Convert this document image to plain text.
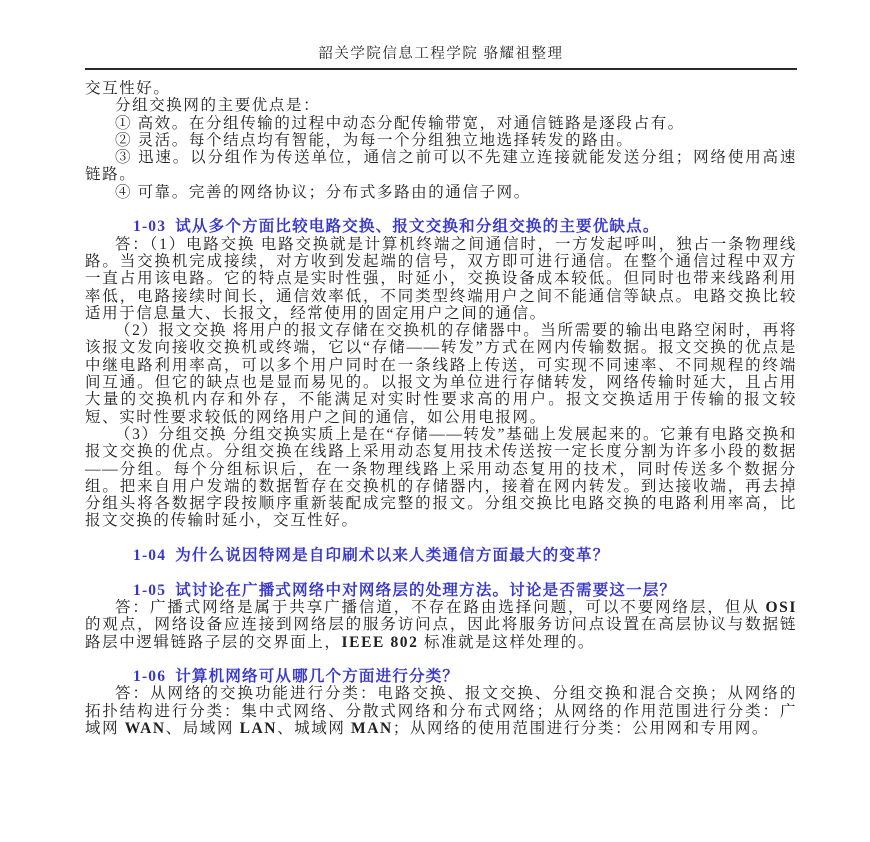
韶关学院信息工程学院 骆耀祖整理

交互性好。

分组交换网的主要优点是：

① 高效。在分组传输的过程中动态分配传输带宽，对通信链路是逐段占有。

② 灵活。每个结点均有智能，为每一个分组独立地选择转发的路由。

③ 迅速。以分组作为传送单位，通信之前可以不先建立连接就能发送分组；网络使用高速链路。

④ 可靠。完善的网络协议；分布式多路由的通信子网。

1-03 试从多个方面比较电路交换、报文交换和分组交换的主要优缺点。

答：（1）电路交换 电路交换就是计算机终端之间通信时，一方发起呼叫，独占一条物理线路。当交换机完成接续，对方收到发起端的信号，双方即可进行通信。在整个通信过程中双方一直占用该电路。它的特点是实时性强，时延小，交换设备成本较低。但同时也带来线路利用率低，电路接续时间长，通信效率低，不同类型终端用户之间不能通信等缺点。电路交换比较适用于信息量大、长报文，经常使用的固定用户之间的通信。

（2）报文交换 将用户的报文存储在交换机的存储器中。当所需要的输出电路空闲时，再将该报文发向接收交换机或终端，它以“存储——转发”方式在网内传输数据。报文交换的优点是中继电路利用率高，可以多个用户同时在一条线路上传送，可实现不同速率、不同规程的终端间互通。但它的缺点也是显而易见的。以报文为单位进行存储转发，网络传输时延大，且占用大量的交换机内存和外存，不能满足对实时性要求高的用户。报文交换适用于传输的报文较短、实时性要求较低的网络用户之间的通信，如公用电报网。

（3）分组交换 分组交换实质上是在“存储——转发”基础上发展起来的。它兼有电路交换和报文交换的优点。分组交换在线路上采用动态复用技术传送按一定长度分割为许多小段的数据——分组。每个分组标识后，在一条物理线路上采用动态复用的技术，同时传送多个数据分组。把来自用户发端的数据暂存在交换机的存储器内，接着在网内转发。到达接收端，再去掉分组头将各数据字段按顺序重新装配成完整的报文。分组交换比电路交换的电路利用率高，比报文交换的传输时延小，交互性好。

1-04 为什么说因特网是自印刷术以来人类通信方面最大的变革？

1-05 试讨论在广播式网络中对网络层的处理方法。讨论是否需要这一层？

答：广播式网络是属于共享广播信道，不存在路由选择问题，可以不要网络层，但从 OSI 的观点，网络设备应连接到网络层的服务访问点，因此将服务访问点设置在高层协议与数据链路层中逻辑链路子层的交界面上，IEEE 802 标准就是这样处理的。

1-06 计算机网络可从哪几个方面进行分类？

答：从网络的交换功能进行分类：电路交换、报文交换、分组交换和混合交换；从网络的拓扑结构进行分类：集中式网络、分散式网络和分布式网络；从网络的作用范围进行分类：广域网 WAN、局域网 LAN、城域网 MAN；从网络的使用范围进行分类：公用网和专用网。
